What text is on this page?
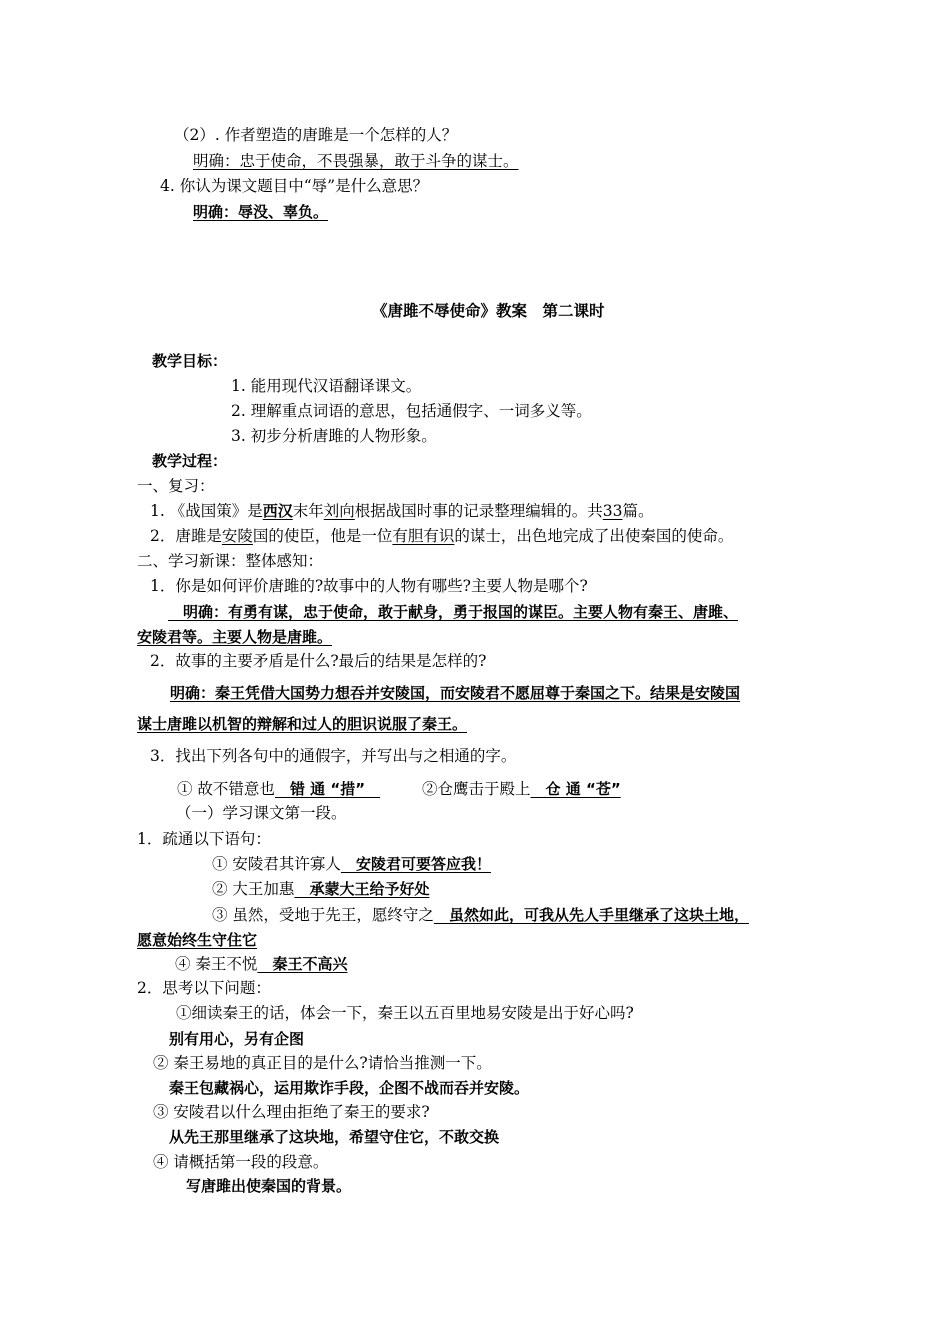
（2）. 作者塑造的唐雎是一个怎样的人？
明确：忠于使命，不畏强暴，敢于斗争的谋士。
4. 你认为课文题目中“辱”是什么意思？
明确：辱没、辜负。
《唐雎不辱使命》教案　第二课时
教学目标：
1. 能用现代汉语翻译课文。
2. 理解重点词语的意思，包括通假字、一词多义等。
3. 初步分析唐雎的人物形象。
教学过程：
一、复习：
1. 《战国策》是西汉末年刘向根据战国时事的记录整理编辑的。共33篇。
2．唐雎是安陵国的使臣，他是一位有胆有识的谋士，出色地完成了出使秦国的使命。
二、学习新课：整体感知：
1．你是如何评价唐雎的?故事中的人物有哪些?主要人物是哪个?
　明确：有勇有谋，忠于使命，敢于献身，勇于报国的谋臣。主要人物有秦王、唐雎、
安陵君等。主要人物是唐雎。
2．故事的主要矛盾是什么?最后的结果是怎样的?
明确：秦王凭借大国势力想吞并安陵国，而安陵君不愿屈尊于秦国之下。结果是安陵国
谋士唐雎以机智的辩解和过人的胆识说服了秦王。
3．找出下列各句中的通假字，并写出与之相通的字。
① 故不错意也　错 通 “措”　	②仓鹰击于殿上　仓 通 “苍”
（一）学习课文第一段。
1．疏通以下语句：
① 安陵君其许寡人　安陵君可要答应我！
② 大王加惠　承蒙大王给予好处
③ 虽然，受地于先王，愿终守之　虽然如此，可我从先人手里继承了这块土地，
愿意始终生守住它
④ 秦王不悦　秦王不高兴
2．思考以下问题：
①细读秦王的话，体会一下，秦王以五百里地易安陵是出于好心吗?
别有用心，另有企图
② 秦王易地的真正目的是什么?请恰当推测一下。
秦王包藏祸心，运用欺诈手段，企图不战而吞并安陵。
③ 安陵君以什么理由拒绝了秦王的要求?
从先王那里继承了这块地，希望守住它，不敢交换
④ 请概括第一段的段意。
写唐雎出使秦国的背景。
